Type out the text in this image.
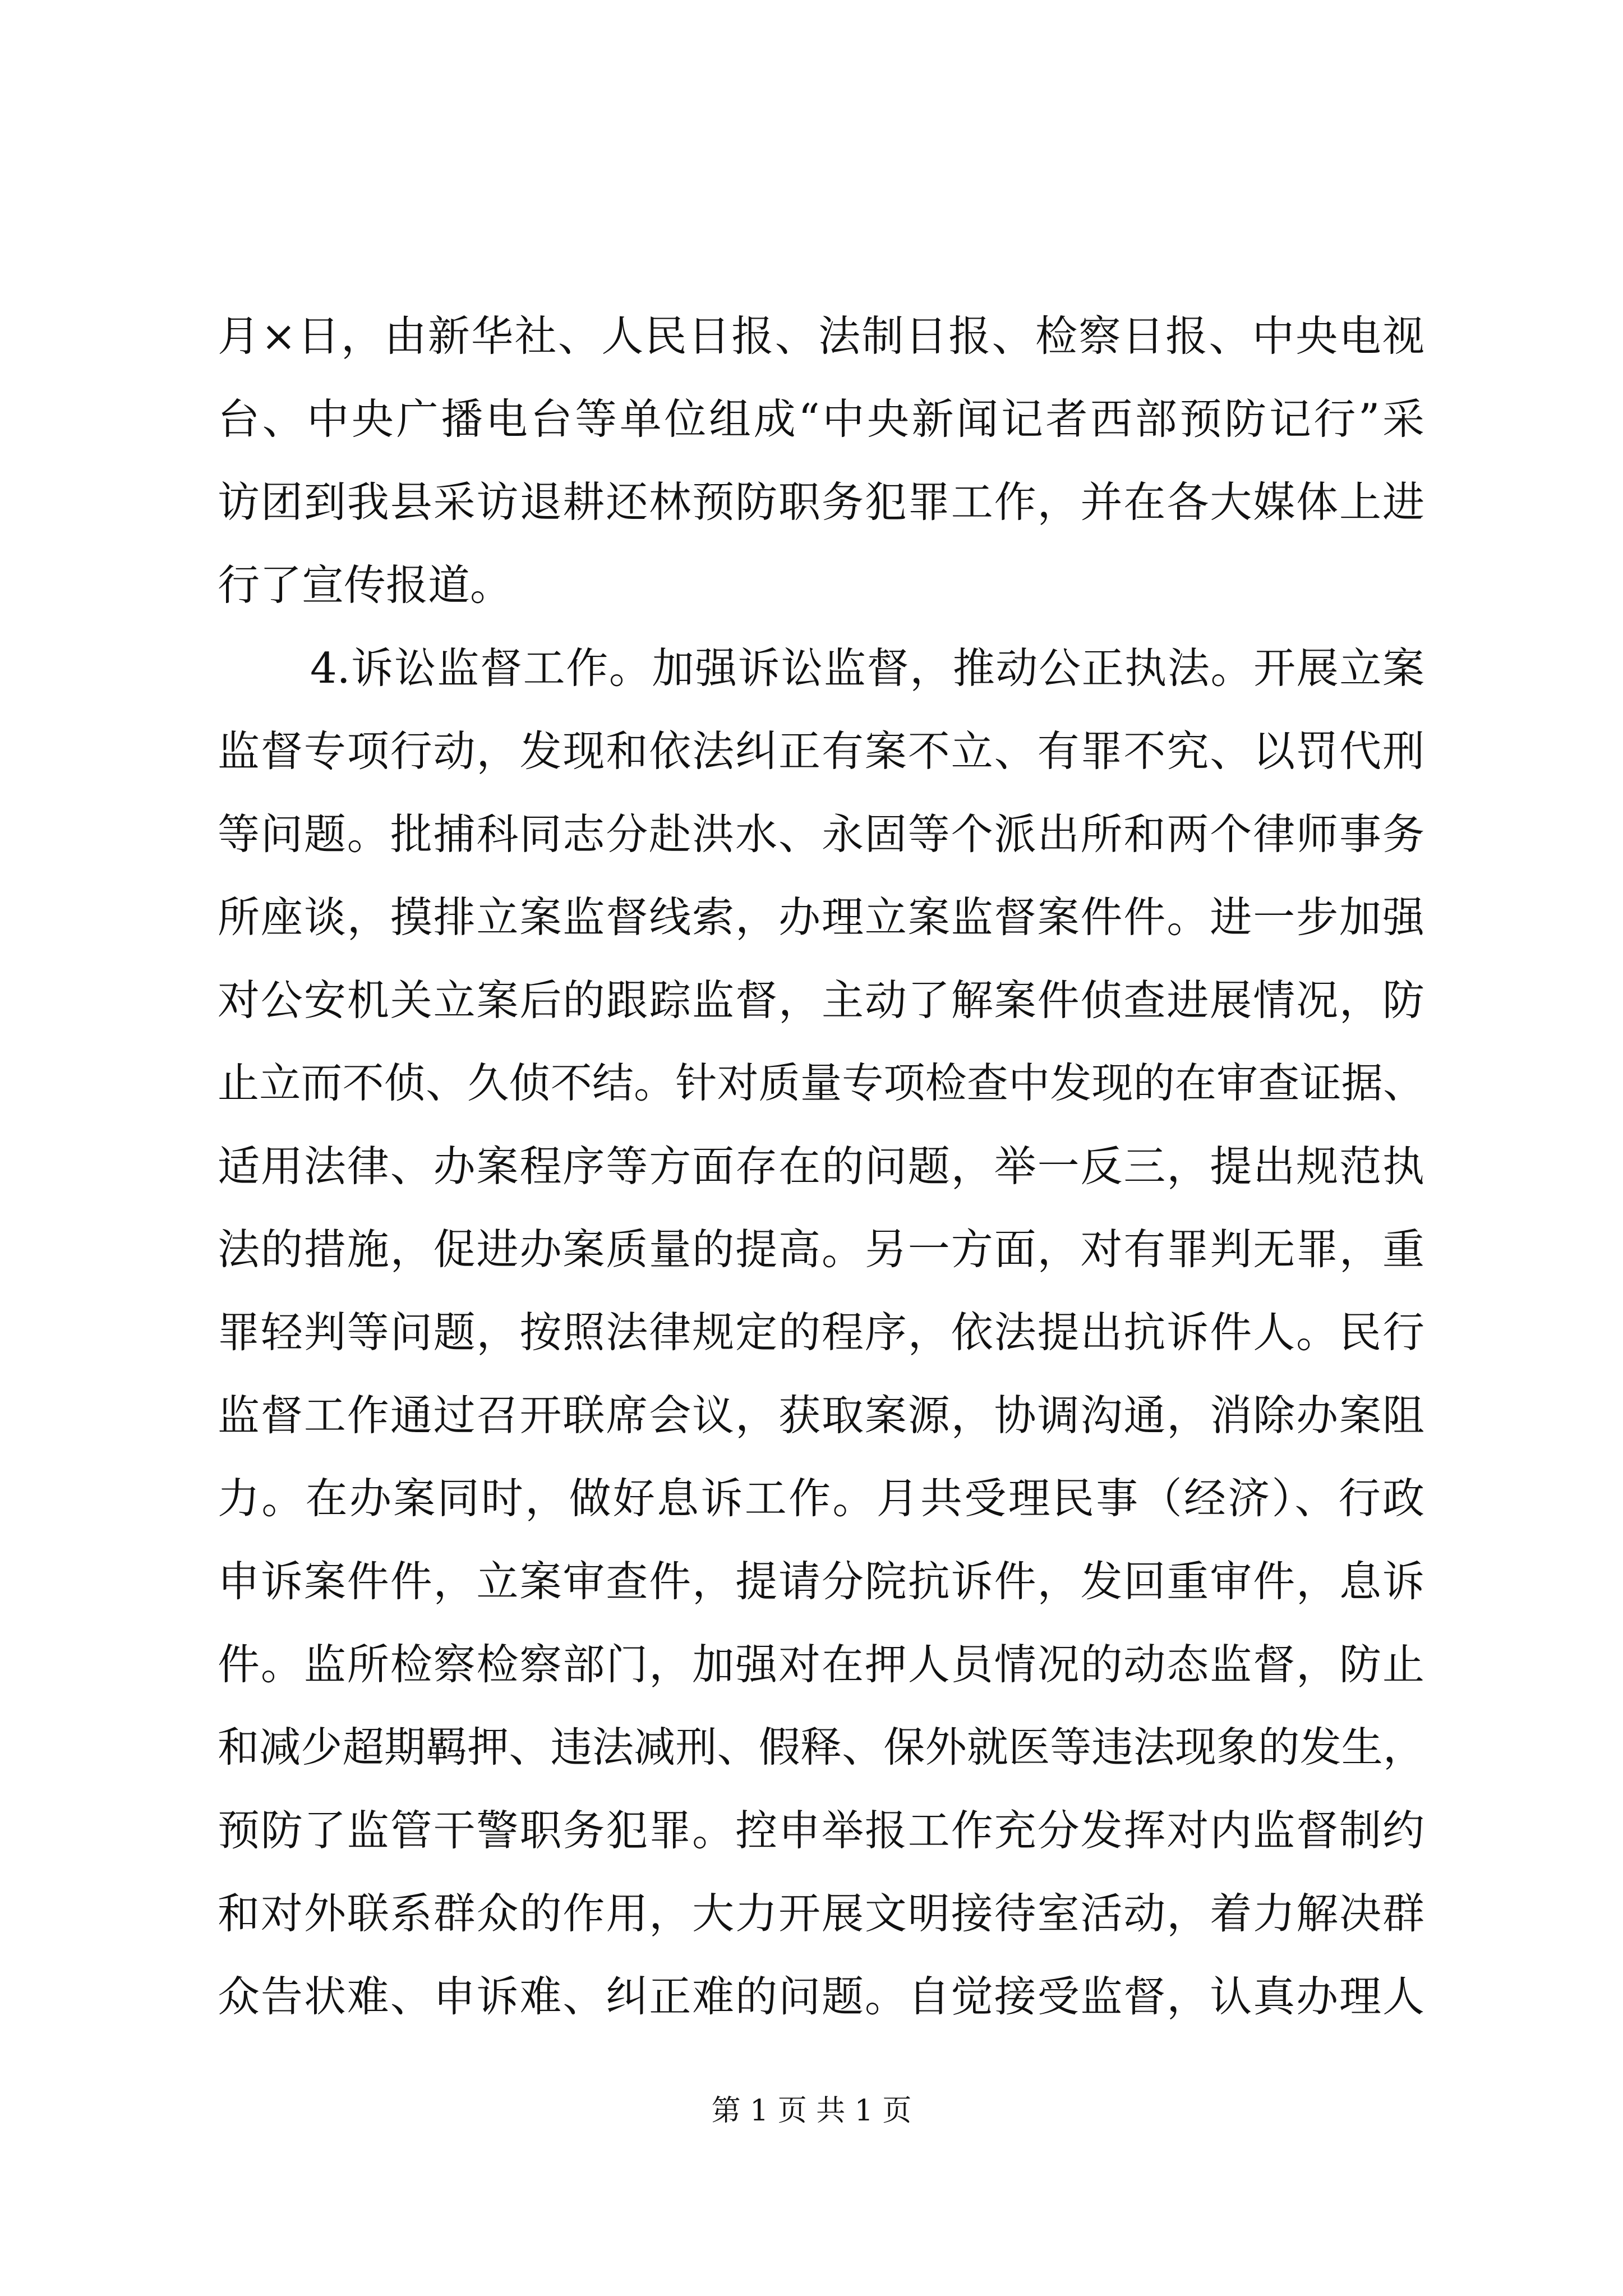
月×日，由新华社、人民日报、法制日报、检察日报、中央电视
台、中央广播电台等单位组成“中央新闻记者西部预防记行”采
访团到我县采访退耕还林预防职务犯罪工作，并在各大媒体上进
行了宣传报道。
4.诉讼监督工作。加强诉讼监督，推动公正执法。开展立案
监督专项行动，发现和依法纠正有案不立、有罪不究、以罚代刑
等问题。批捕科同志分赴洪水、永固等个派出所和两个律师事务
所座谈，摸排立案监督线索，办理立案监督案件件。进一步加强
对公安机关立案后的跟踪监督，主动了解案件侦查进展情况，防
止立而不侦、久侦不结。针对质量专项检查中发现的在审查证据、
适用法律、办案程序等方面存在的问题，举一反三，提出规范执
法的措施，促进办案质量的提高。另一方面，对有罪判无罪，重
罪轻判等问题，按照法律规定的程序，依法提出抗诉件人。民行
监督工作通过召开联席会议，获取案源，协调沟通，消除办案阻
力。在办案同时，做好息诉工作。月共受理民事（经济）、行政
申诉案件件，立案审查件，提请分院抗诉件，发回重审件，息诉
件。监所检察检察部门，加强对在押人员情况的动态监督，防止
和减少超期羁押、违法减刑、假释、保外就医等违法现象的发生，
预防了监管干警职务犯罪。控申举报工作充分发挥对内监督制约
和对外联系群众的作用，大力开展文明接待室活动，着力解决群
众告状难、申诉难、纠正难的问题。自觉接受监督，认真办理人
第 1 页 共 1 页
